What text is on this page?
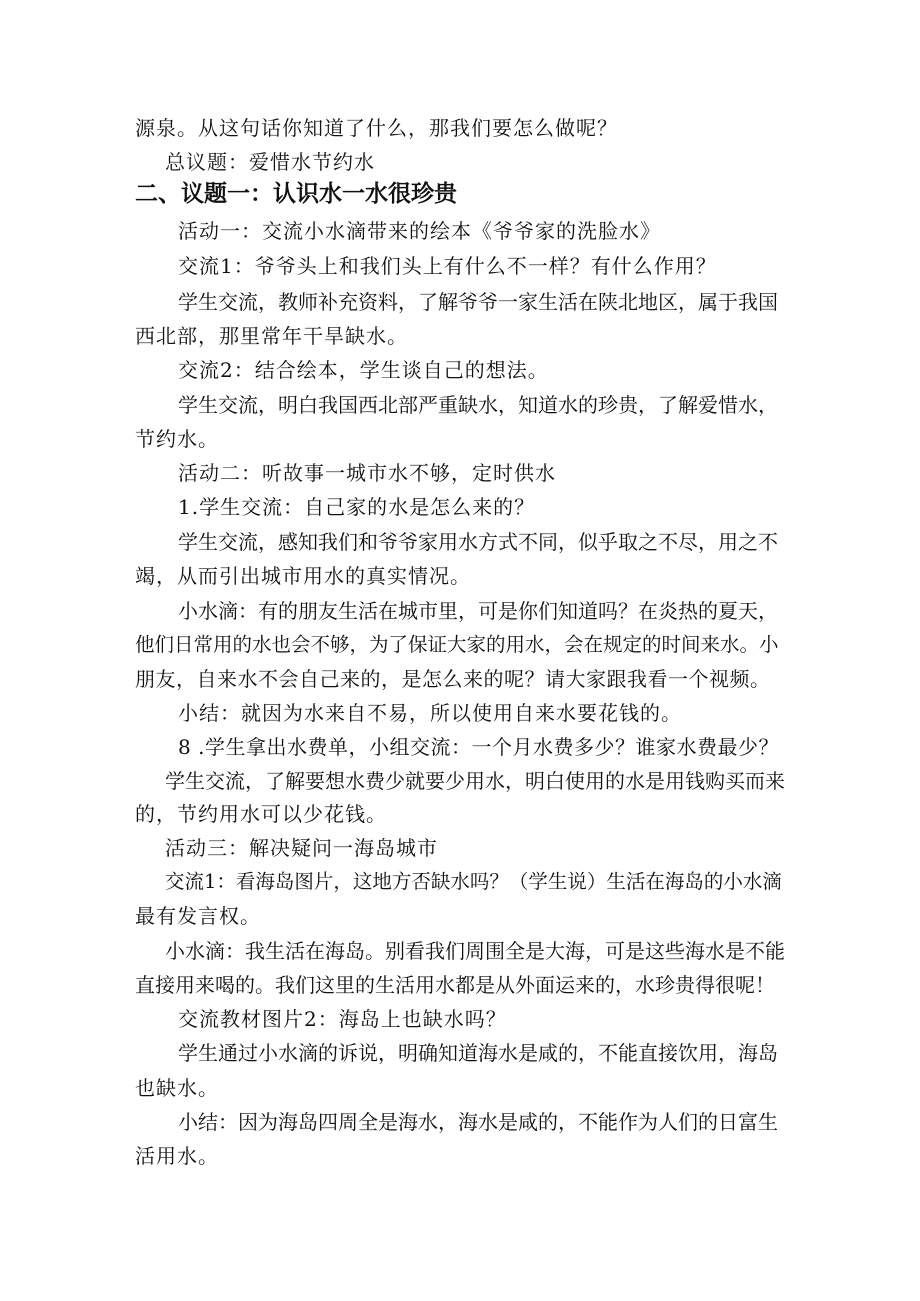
源泉。从这句话你知道了什么，那我们要怎么做呢？
总议题：爱惜水节约水
二、议题一：认识水一水很珍贵
活动一：交流小水滴带来的绘本《爷爷家的洗脸水》
交流1：爷爷头上和我们头上有什么不一样？有什么作用？
学生交流，教师补充资料，了解爷爷一家生活在陕北地区，属于我国
西北部，那里常年干旱缺水。
交流2：结合绘本，学生谈自己的想法。
学生交流，明白我国西北部严重缺水，知道水的珍贵，了解爱惜水，
节约水。
活动二：听故事一城市水不够，定时供水
1.学生交流：自己家的水是怎么来的？
学生交流，感知我们和爷爷家用水方式不同，似乎取之不尽，用之不
竭，从而引出城市用水的真实情况。
小水滴：有的朋友生活在城市里，可是你们知道吗？在炎热的夏天，
他们日常用的水也会不够，为了保证大家的用水，会在规定的时间来水。小
朋友，自来水不会自己来的，是怎么来的呢？请大家跟我看一个视频。
小结：就因为水来自不易，所以使用自来水要花钱的。
8 .学生拿出水费单，小组交流：一个月水费多少？谁家水费最少？
学生交流，了解要想水费少就要少用水，明白使用的水是用钱购买而来
的，节约用水可以少花钱。
活动三：解决疑问一海岛城市
交流1：看海岛图片，这地方否缺水吗？（学生说）生活在海岛的小水滴
最有发言权。
小水滴：我生活在海岛。别看我们周围全是大海，可是这些海水是不能
直接用来喝的。我们这里的生活用水都是从外面运来的，水珍贵得很呢！
交流教材图片2：海岛上也缺水吗？
学生通过小水滴的诉说，明确知道海水是咸的，不能直接饮用，海岛
也缺水。
小结：因为海岛四周全是海水，海水是咸的，不能作为人们的日富生
活用水。
